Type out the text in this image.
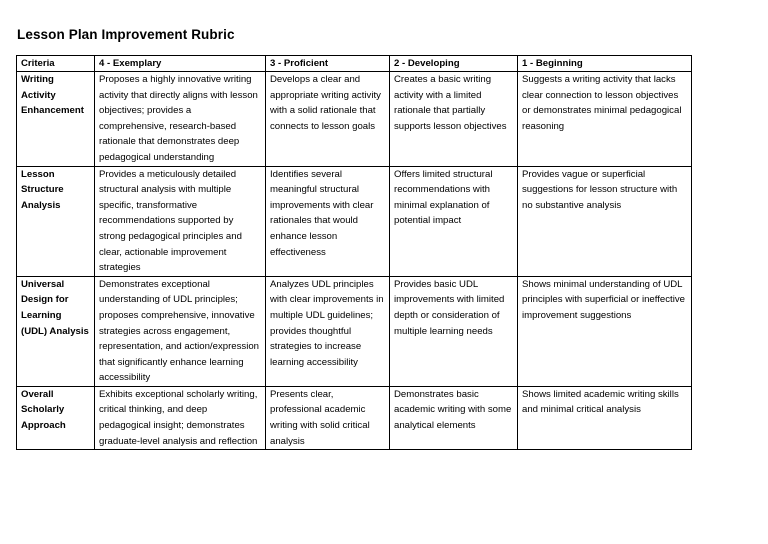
Lesson Plan Improvement Rubric
Criteria	4 - Exemplary	3 - Proficient	2 - Developing	1 - Beginning
Writing Activity Enhancement	Proposes a highly innovative writing activity that directly aligns with lesson objectives; provides a comprehensive, research-based rationale that demonstrates deep pedagogical understanding	Develops a clear and appropriate writing activity with a solid rationale that connects to lesson goals	Creates a basic writing activity with a limited rationale that partially supports lesson objectives	Suggests a writing activity that lacks clear connection to lesson objectives or demonstrates minimal pedagogical reasoning
Lesson Structure Analysis	Provides a meticulously detailed structural analysis with multiple specific, transformative recommendations supported by strong pedagogical principles and clear, actionable improvement strategies	Identifies several meaningful structural improvements with clear rationales that would enhance lesson effectiveness	Offers limited structural recommendations with minimal explanation of potential impact	Provides vague or superficial suggestions for lesson structure with no substantive analysis
Universal Design for Learning (UDL) Analysis	Demonstrates exceptional understanding of UDL principles; proposes comprehensive, innovative strategies across engagement, representation, and action/expression that significantly enhance learning accessibility	Analyzes UDL principles with clear improvements in multiple UDL guidelines; provides thoughtful strategies to increase learning accessibility	Provides basic UDL improvements with limited depth or consideration of multiple learning needs	Shows minimal understanding of UDL principles with superficial or ineffective improvement suggestions
Overall Scholarly Approach	Exhibits exceptional scholarly writing, critical thinking, and deep pedagogical insight; demonstrates graduate-level analysis and reflection	Presents clear, professional academic writing with solid critical analysis	Demonstrates basic academic writing with some analytical elements	Shows limited academic writing skills and minimal critical analysis
